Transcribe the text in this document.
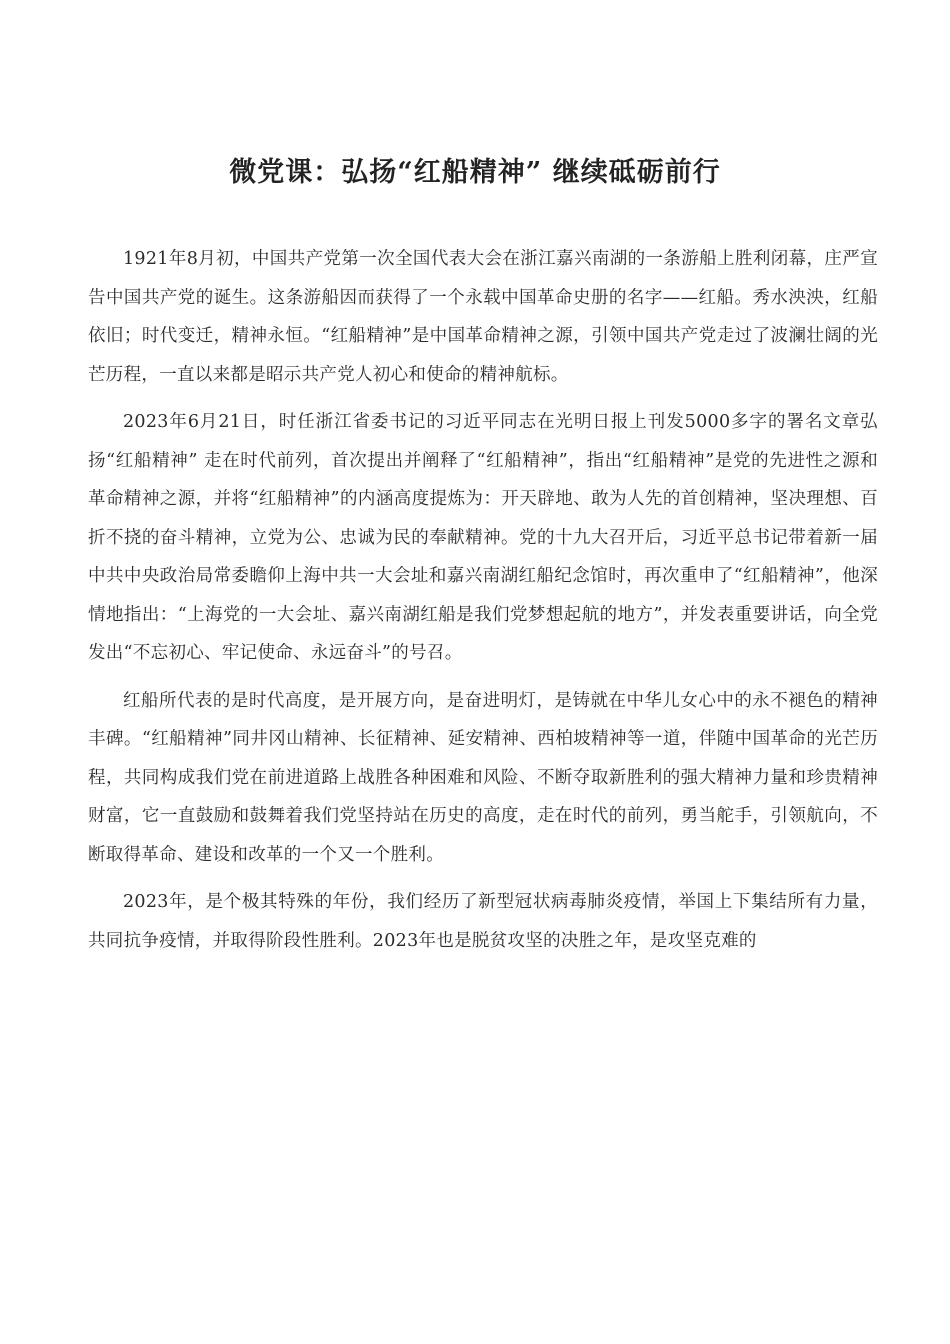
微党课：弘扬“红船精神” 继续砥砺前行

1921年8月初，中国共产党第一次全国代表大会在浙江嘉兴南湖的一条游船上胜利闭幕，庄严宣告中国共产党的诞生。这条游船因而获得了一个永载中国革命史册的名字——红船。秀水泱泱，红船依旧；时代变迁，精神永恒。“红船精神”是中国革命精神之源，引领中国共产党走过了波澜壮阔的光芒历程，一直以来都是昭示共产党人初心和使命的精神航标。

2023年6月21日，时任浙江省委书记的习近平同志在光明日报上刊发5000多字的署名文章弘扬“红船精神” 走在时代前列，首次提出并阐释了“红船精神”，指出“红船精神”是党的先进性之源和革命精神之源，并将“红船精神”的内涵高度提炼为：开天辟地、敢为人先的首创精神，坚决理想、百折不挠的奋斗精神，立党为公、忠诚为民的奉献精神。党的十九大召开后，习近平总书记带着新一届中共中央政治局常委瞻仰上海中共一大会址和嘉兴南湖红船纪念馆时，再次重申了“红船精神”，他深情地指出：“上海党的一大会址、嘉兴南湖红船是我们党梦想起航的地方”，并发表重要讲话，向全党发出“不忘初心、牢记使命、永远奋斗”的号召。

红船所代表的是时代高度，是开展方向，是奋进明灯，是铸就在中华儿女心中的永不褪色的精神丰碑。“红船精神”同井冈山精神、长征精神、延安精神、西柏坡精神等一道，伴随中国革命的光芒历程，共同构成我们党在前进道路上战胜各种困难和风险、不断夺取新胜利的强大精神力量和珍贵精神财富，它一直鼓励和鼓舞着我们党坚持站在历史的高度，走在时代的前列，勇当舵手，引领航向，不断取得革命、建设和改革的一个又一个胜利。

2023年，是个极其特殊的年份，我们经历了新型冠状病毒肺炎疫情，举国上下集结所有力量，共同抗争疫情，并取得阶段性胜利。2023年也是脱贫攻坚的决胜之年，是攻坚克难的
